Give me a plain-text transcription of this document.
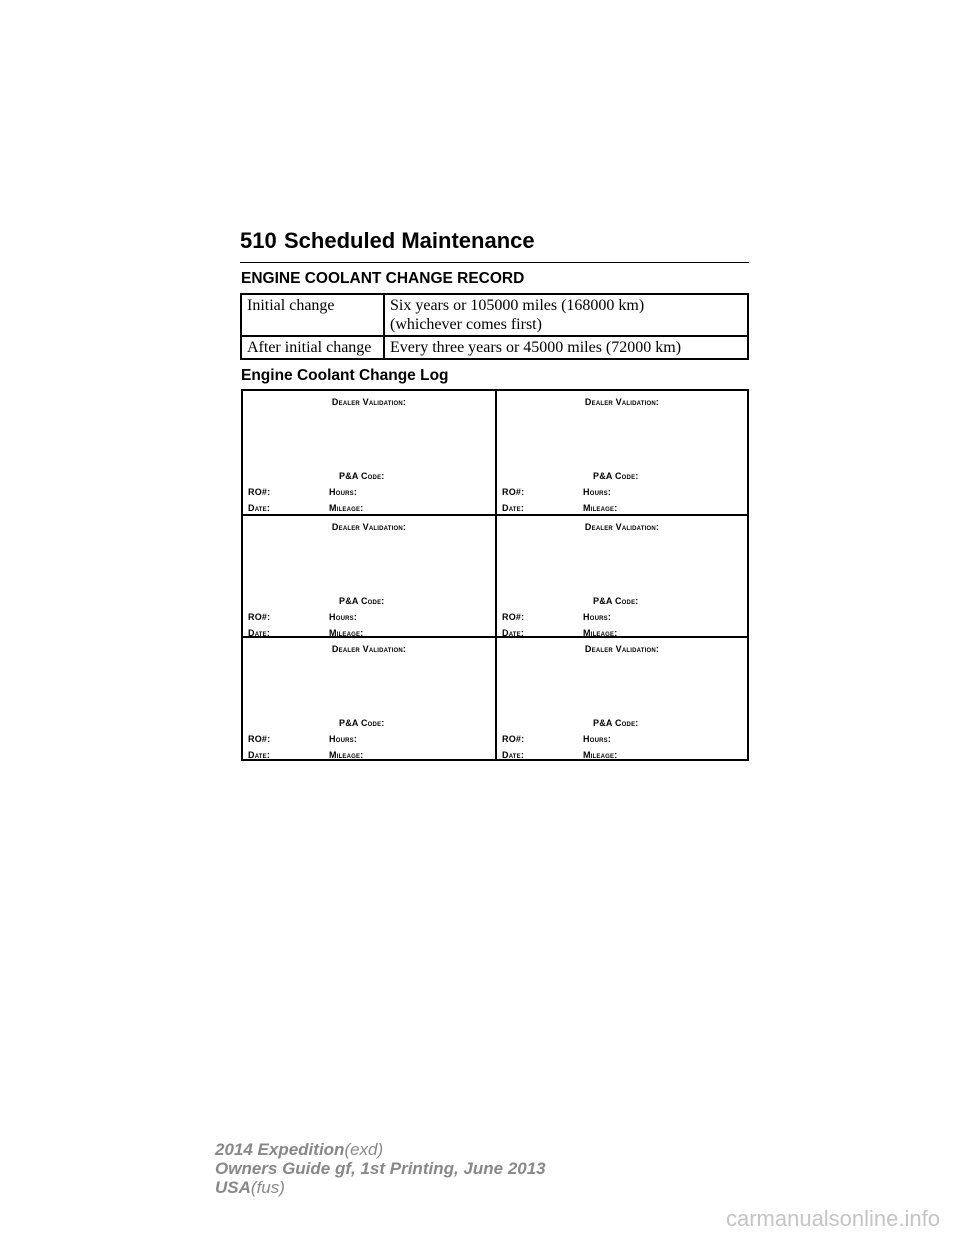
510 Scheduled Maintenance
ENGINE COOLANT CHANGE RECORD
Initial change	Six years or 105000 miles (168000 km)
(whichever comes first)

After initial change	Every three years or 45000 miles (72000 km)
Engine Coolant Change Log
Dealer Validation:
P&A Code:
RO#:	Hours:
Date:	Mileage:
Dealer Validation:
P&A Code:
RO#:	Hours:
Date:	Mileage:
Dealer Validation:
P&A Code:
RO#:	Hours:
Date:	Mileage:
Dealer Validation:
P&A Code:
RO#:	Hours:
Date:	Mileage:
Dealer Validation:
P&A Code:
RO#:	Hours:
Date:	Mileage:
Dealer Validation:
P&A Code:
RO#:	Hours:
Date:	Mileage:
2014 Expedition(exd)
Owners Guide gf, 1st Printing, June 2013
USA(fus)
carmanualsonline.info
